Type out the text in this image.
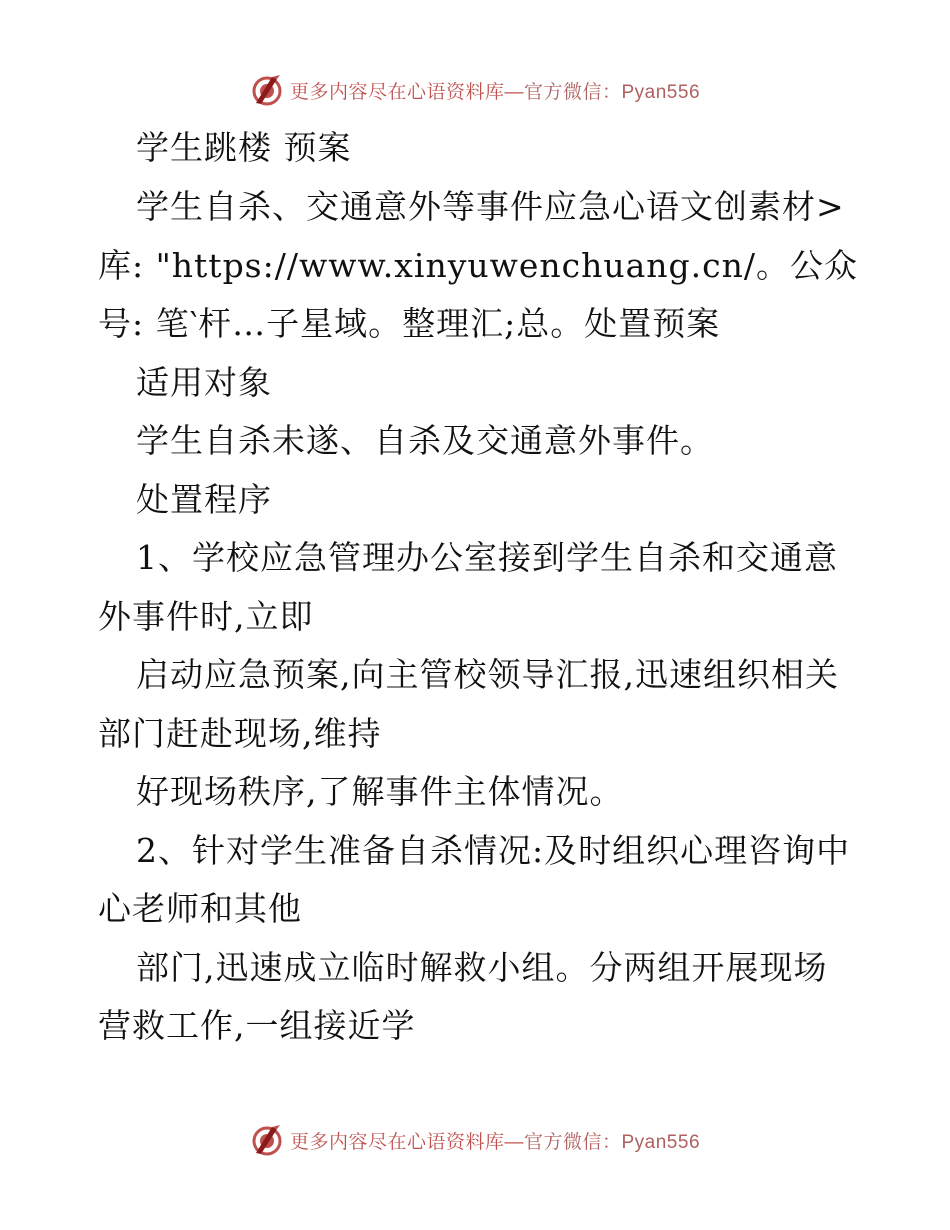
更多内容尽在心语资料库—官方微信：Pyan556
学生跳楼 预案
学生自杀、交通意外等事件应急心语文创素材>
库: "https://www.xinyuwenchuang.cn/。公众
号: 笔‵杆…子星域。整理汇;总。处置预案
适用对象
学生自杀未遂、自杀及交通意外事件。
处置程序
1、学校应急管理办公室接到学生自杀和交通意
外事件时,立即
启动应急预案,向主管校领导汇报,迅速组织相关
部门赶赴现场,维持
好现场秩序,了解事件主体情况。
2、针对学生准备自杀情况:及时组织心理咨询中
心老师和其他
部门,迅速成立临时解救小组。分两组开展现场
营救工作,一组接近学
更多内容尽在心语资料库—官方微信：Pyan556
